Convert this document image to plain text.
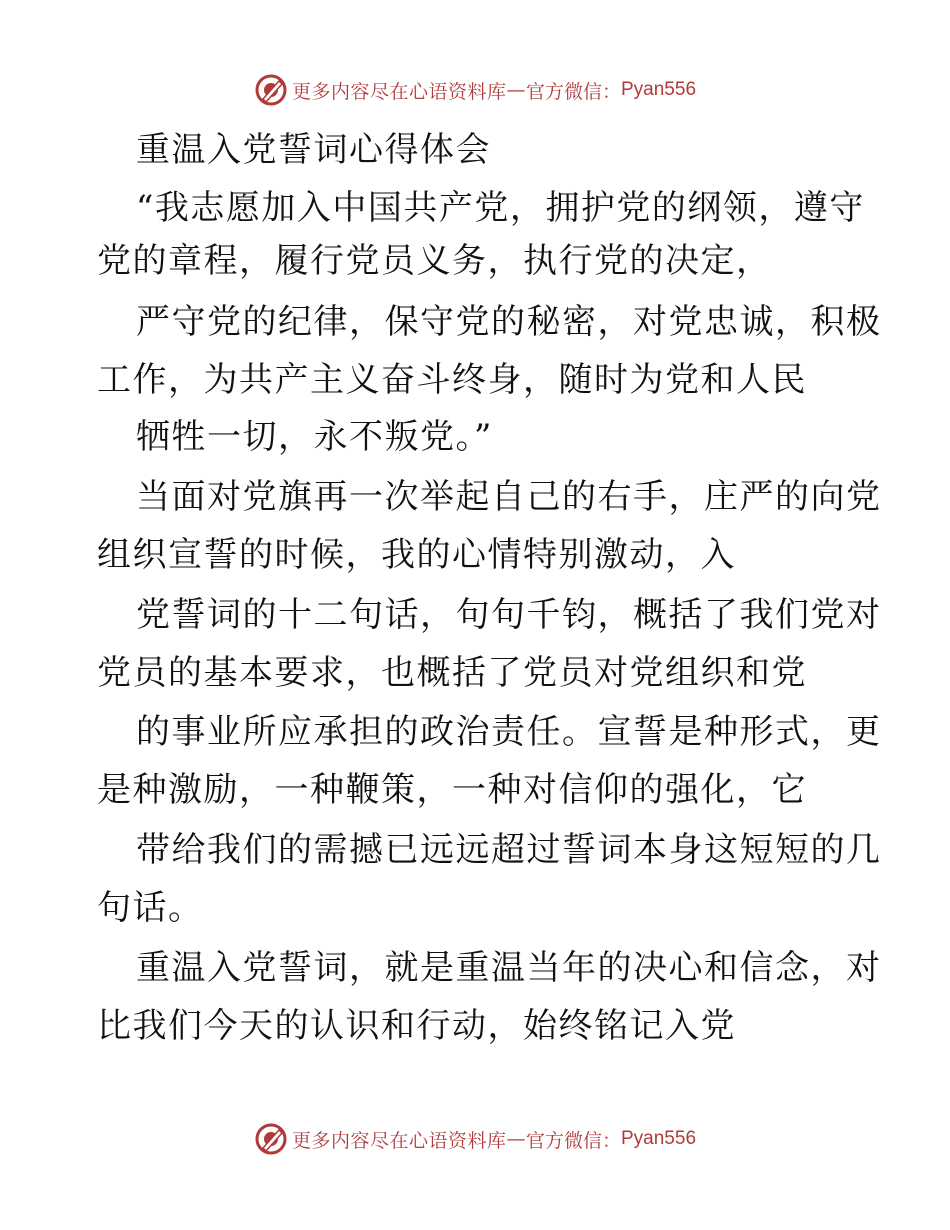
更多内容尽在心语资料库 — 官方微信： Pyan556
重温入党誓词心得体会
“我志愿加入中国共产党，拥护党的纲领，遵守
党的章程，履行党员义务，执行党的决定，
严守党的纪律，保守党的秘密，对党忠诚，积极
工作，为共产主义奋斗终身，随时为党和人民
牺牲一切，永不叛党。”
当面对党旗再一次举起自己的右手，庄严的向党
组织宣誓的时候，我的心情特别激动，入
党誓词的十二句话，句句千钧，概括了我们党对
党员的基本要求，也概括了党员对党组织和党
的事业所应承担的政治责任。宣誓是种形式，更
是种激励，一种鞭策，一种对信仰的强化，它
带给我们的需撼已远远超过誓词本身这短短的几
句话。
重温入党誓词，就是重温当年的决心和信念，对
比我们今天的认识和行动，始终铭记入党
更多内容尽在心语资料库 — 官方微信： Pyan556
